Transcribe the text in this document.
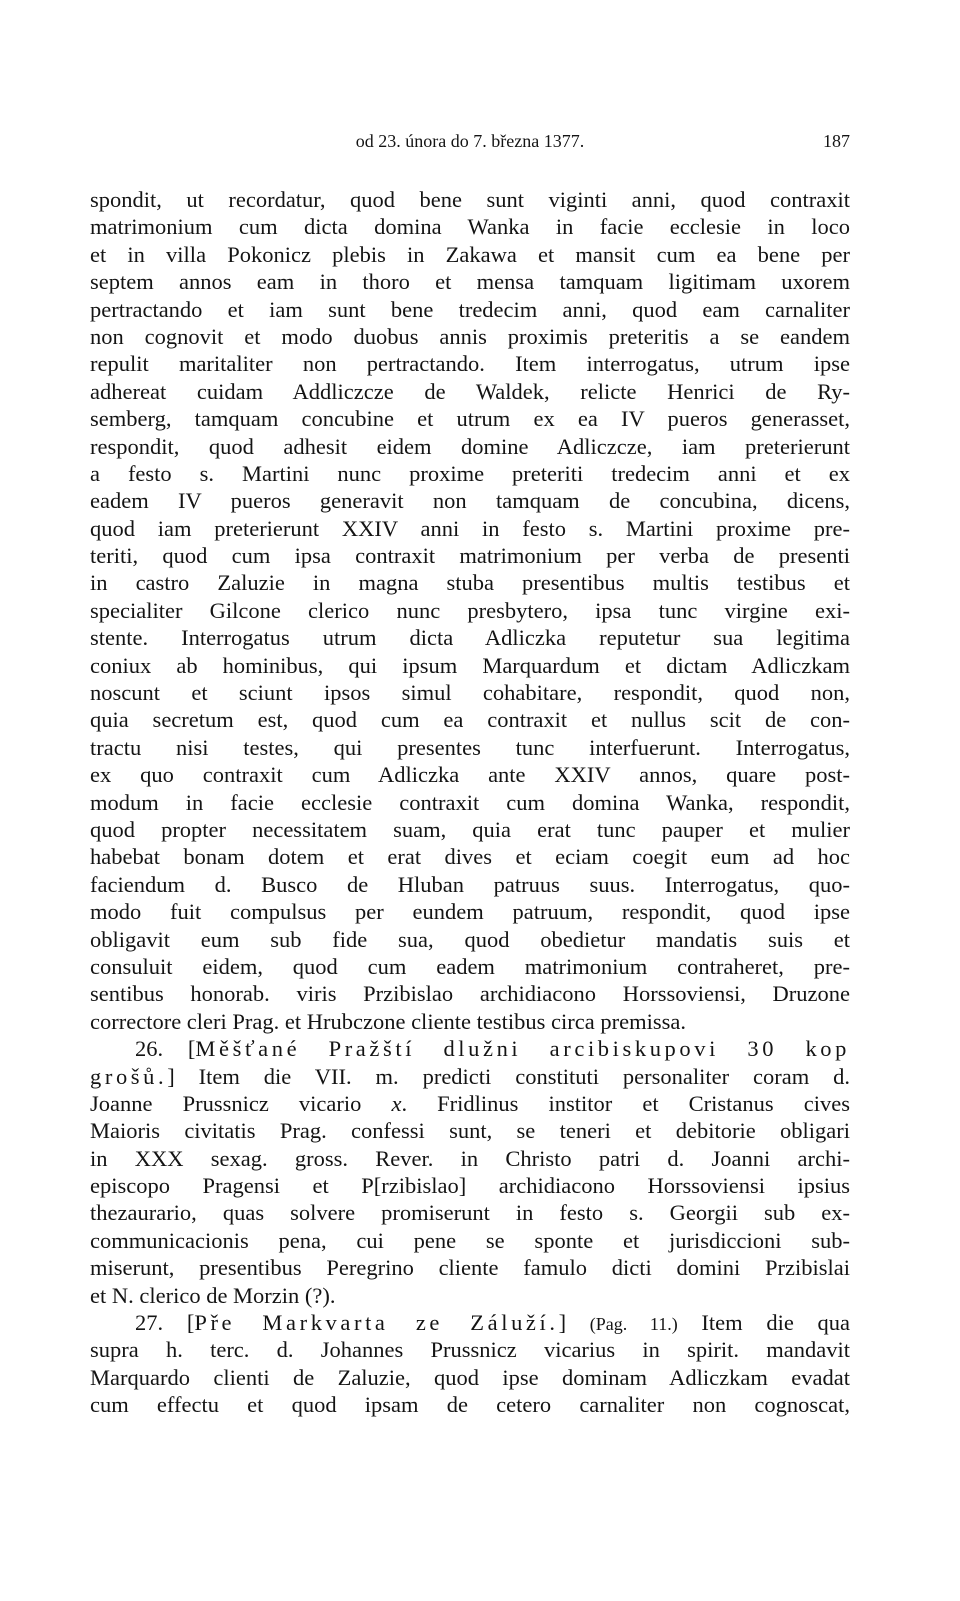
od 23. února do 7. března 1377.	187
spondit, ut recordatur, quod bene sunt viginti anni, quod contraxit
matrimonium cum dicta domina Wanka in facie ecclesie in loco
et in villa Pokonicz plebis in Zakawa et mansit cum ea bene per
septem annos eam in thoro et mensa tamquam ligitimam uxorem
pertractando et iam sunt bene tredecim anni, quod eam carnaliter
non cognovit et modo duobus annis proximis preteritis a se eandem
repulit maritaliter non pertractando. Item interrogatus, utrum ipse
adhereat cuidam Addliczcze de Waldek, relicte Henrici de Ry-
semberg, tamquam concubine et utrum ex ea IV pueros generasset,
respondit, quod adhesit eidem domine Adliczcze, iam preterierunt
a festo s. Martini nunc proxime preteriti tredecim anni et ex
eadem IV pueros generavit non tamquam de concubina, dicens,
quod iam preterierunt XXIV anni in festo s. Martini proxime pre-
teriti, quod cum ipsa contraxit matrimonium per verba de presenti
in castro Zaluzie in magna stuba presentibus multis testibus et
specialiter Gilcone clerico nunc presbytero, ipsa tunc virgine exi-
stente. Interrogatus utrum dicta Adliczka reputetur sua legitima
coniux ab hominibus, qui ipsum Marquardum et dictam Adliczkam
noscunt et sciunt ipsos simul cohabitare, respondit, quod non,
quia secretum est, quod cum ea contraxit et nullus scit de con-
tractu nisi testes, qui presentes tunc interfuerunt. Interrogatus,
ex quo contraxit cum Adliczka ante XXIV annos, quare post-
modum in facie ecclesie contraxit cum domina Wanka, respondit,
quod propter necessitatem suam, quia erat tunc pauper et mulier
habebat bonam dotem et erat dives et eciam coegit eum ad hoc
faciendum d. Busco de Hluban patruus suus. Interrogatus, quo-
modo fuit compulsus per eundem patruum, respondit, quod ipse
obligavit eum sub fide sua, quod obedietur mandatis suis et
consuluit eidem, quod cum eadem matrimonium contraheret, pre-
sentibus honorab. viris Przibislao archidiacono Horssoviensi, Druzone
correctore cleri Prag. et Hrubczone cliente testibus circa premissa.
26. [Měšťané Pražští dlužni arcibiskupovi 30 kop
grošů.] Item die VII. m. predicti constituti personaliter coram d.
Joanne Prussnicz vicario x. Fridlinus institor et Cristanus cives
Maioris civitatis Prag. confessi sunt, se teneri et debitorie obligari
in XXX sexag. gross. Rever. in Christo patri d. Joanni archi-
episcopo Pragensi et P[rzibislao] archidiacono Horssoviensi ipsius
thezaurario, quas solvere promiserunt in festo s. Georgii sub ex-
communicacionis pena, cui pene se sponte et jurisdiccioni sub-
miserunt, presentibus Peregrino cliente famulo dicti domini Przibislai
et N. clerico de Morzin (?).
27. [Pře Markvarta ze Záluží.] (Pag. 11.) Item die qua
supra h. terc. d. Johannes Prussnicz vicarius in spirit. mandavit
Marquardo clienti de Zaluzie, quod ipse dominam Adliczkam evadat
cum effectu et quod ipsam de cetero carnaliter non cognoscat,
